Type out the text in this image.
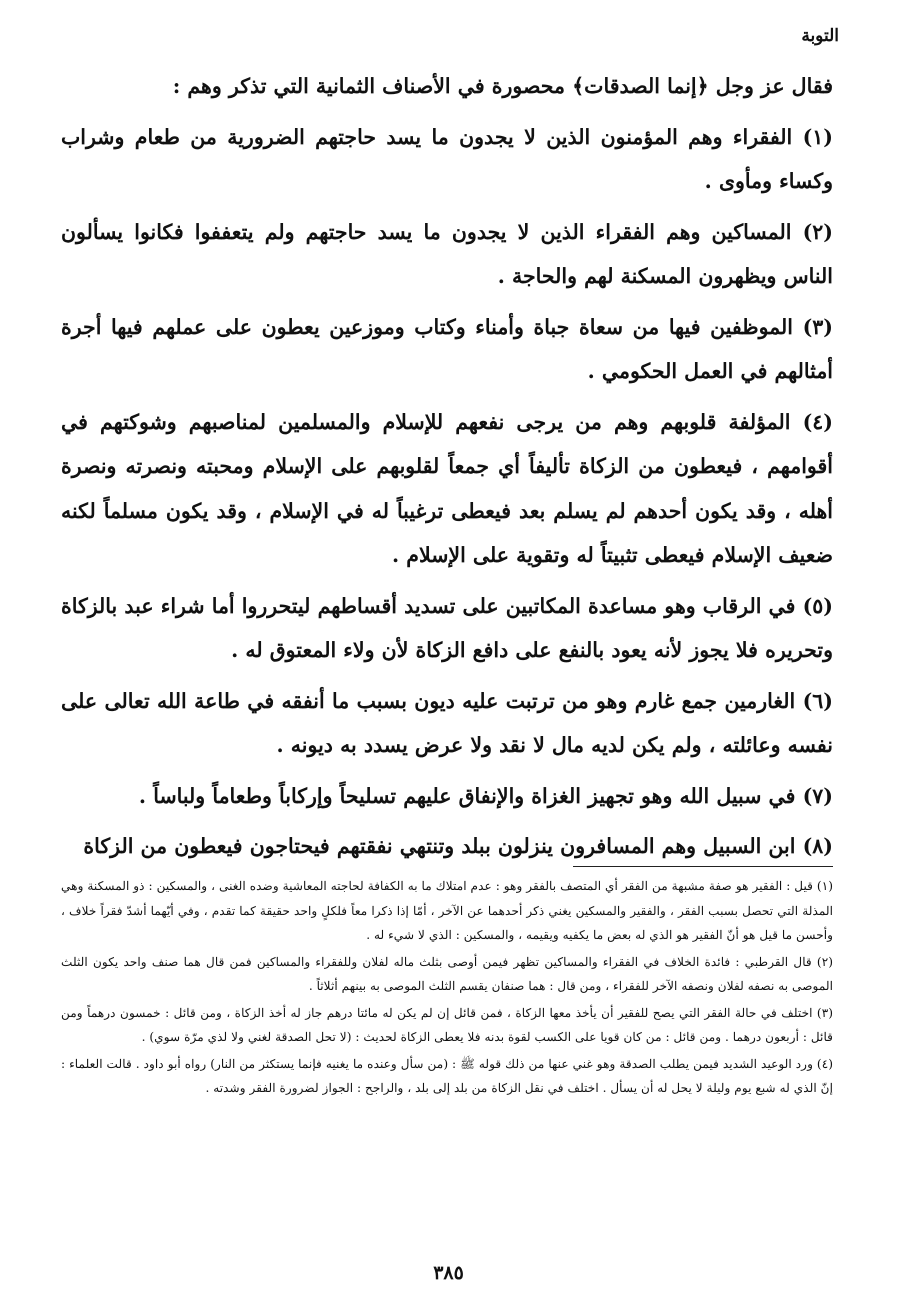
التوبة

فقال عز وجل ﴿إنما الصدقات﴾ محصورة في الأصناف الثمانية التي تذكر وهم :

(١) الفقراء وهم المؤمنون الذين لا يجدون ما يسد حاجتهم الضرورية من طعام وشراب وكساء ومأوى .

(٢) المساكين وهم الفقراء الذين لا يجدون ما يسد حاجتهم ولم يتعففوا فكانوا يسألون الناس ويظهرون المسكنة لهم والحاجة .

(٣) الموظفين فيها من سعاة جباة وأمناء وكتاب وموزعين يعطون على عملهم فيها أجرة أمثالهم في العمل الحكومي .

(٤) المؤلفة قلوبهم وهم من يرجى نفعهم للإسلام والمسلمين لمناصبهم وشوكتهم في أقوامهم ، فيعطون من الزكاة تأليفاً أي جمعاً لقلوبهم على الإسلام ومحبته ونصرته ونصرة أهله ، وقد يكون أحدهم لم يسلم بعد فيعطى ترغيباً له في الإسلام ، وقد يكون مسلماً لكنه ضعيف الإسلام فيعطى تثبيتاً له وتقوية على الإسلام .

(٥) في الرقاب وهو مساعدة المكاتبين على تسديد أقساطهم ليتحرروا أما شراء عبد بالزكاة وتحريره فلا يجوز لأنه يعود بالنفع على دافع الزكاة لأن ولاء المعتوق له .

(٦) الغارمين جمع غارم وهو من ترتبت عليه ديون بسبب ما أنفقه في طاعة الله تعالى على نفسه وعائلته ، ولم يكن لديه مال لا نقد ولا عرض يسدد به ديونه .

(٧) في سبيل الله وهو تجهيز الغزاة والإنفاق عليهم تسليحاً وإركاباً وطعاماً ولباساً .

(٨) ابن السبيل وهم المسافرون ينزلون ببلد وتنتهي نفقتهم فيحتاجون فيعطون من الزكاة

(١) قيل : الفقير هو صفة مشبهة من الفقر أي المتصف بالفقر وهو : عدم امتلاك ما به الكفافة لحاجته المعاشية وضده الغنى ، والمسكين : ذو المسكنة وهي المذلة التي تحصل بسبب الفقر ، والفقير والمسكين يغني ذكر أحدهما عن الآخر ، أمّا إذا ذكرا معاً فلكلٍ واحد حقيقة كما تقدم ، وفي أيّهما أشدّ فقراً خلاف ، وأحسن ما قيل هو أنّ الفقير هو الذي له بعض ما يكفيه ويقيمه ، والمسكين : الذي لا شيء له .

(٢) قال القرطبي : فائدة الخلاف في الفقراء والمساكين تظهر فيمن أوصى بثلث ماله لفلان وللفقراء والمساكين فمن قال هما صنف واحد يكون الثلث الموصى به نصفه لفلان ونصفه الآخر للفقراء ، ومن قال : هما صنفان يقسم الثلث الموصى به بينهم أثلاثاً .

(٣) اختلف في حالة الفقر التي يصح للفقير أن يأخذ معها الزكاة ، فمن قائل إن لم يكن له مائتا درهم جاز له أخذ الزكاة ، ومن قائل : خمسون درهماً ومن قائل : أربعون درهما . ومن قائل : من كان قويا على الكسب لقوة بدنه فلا يعطى الزكاة لحديث : (لا تحل الصدقة لغني ولا لذي مرّة سوي) .

(٤) ورد الوعيد الشديد فيمن يطلب الصدقة وهو غني عنها من ذلك قوله ﷺ : (من سأل وعنده ما يغنيه فإنما يستكثر من النار) رواه أبو داود . قالت العلماء : إنّ الذي له شبع يوم وليلة لا يحل له أن يسأل . اختلف في نقل الزكاة من بلد إلى بلد ، والراجح : الجواز لضرورة الفقر وشدته .

٣٨٥
